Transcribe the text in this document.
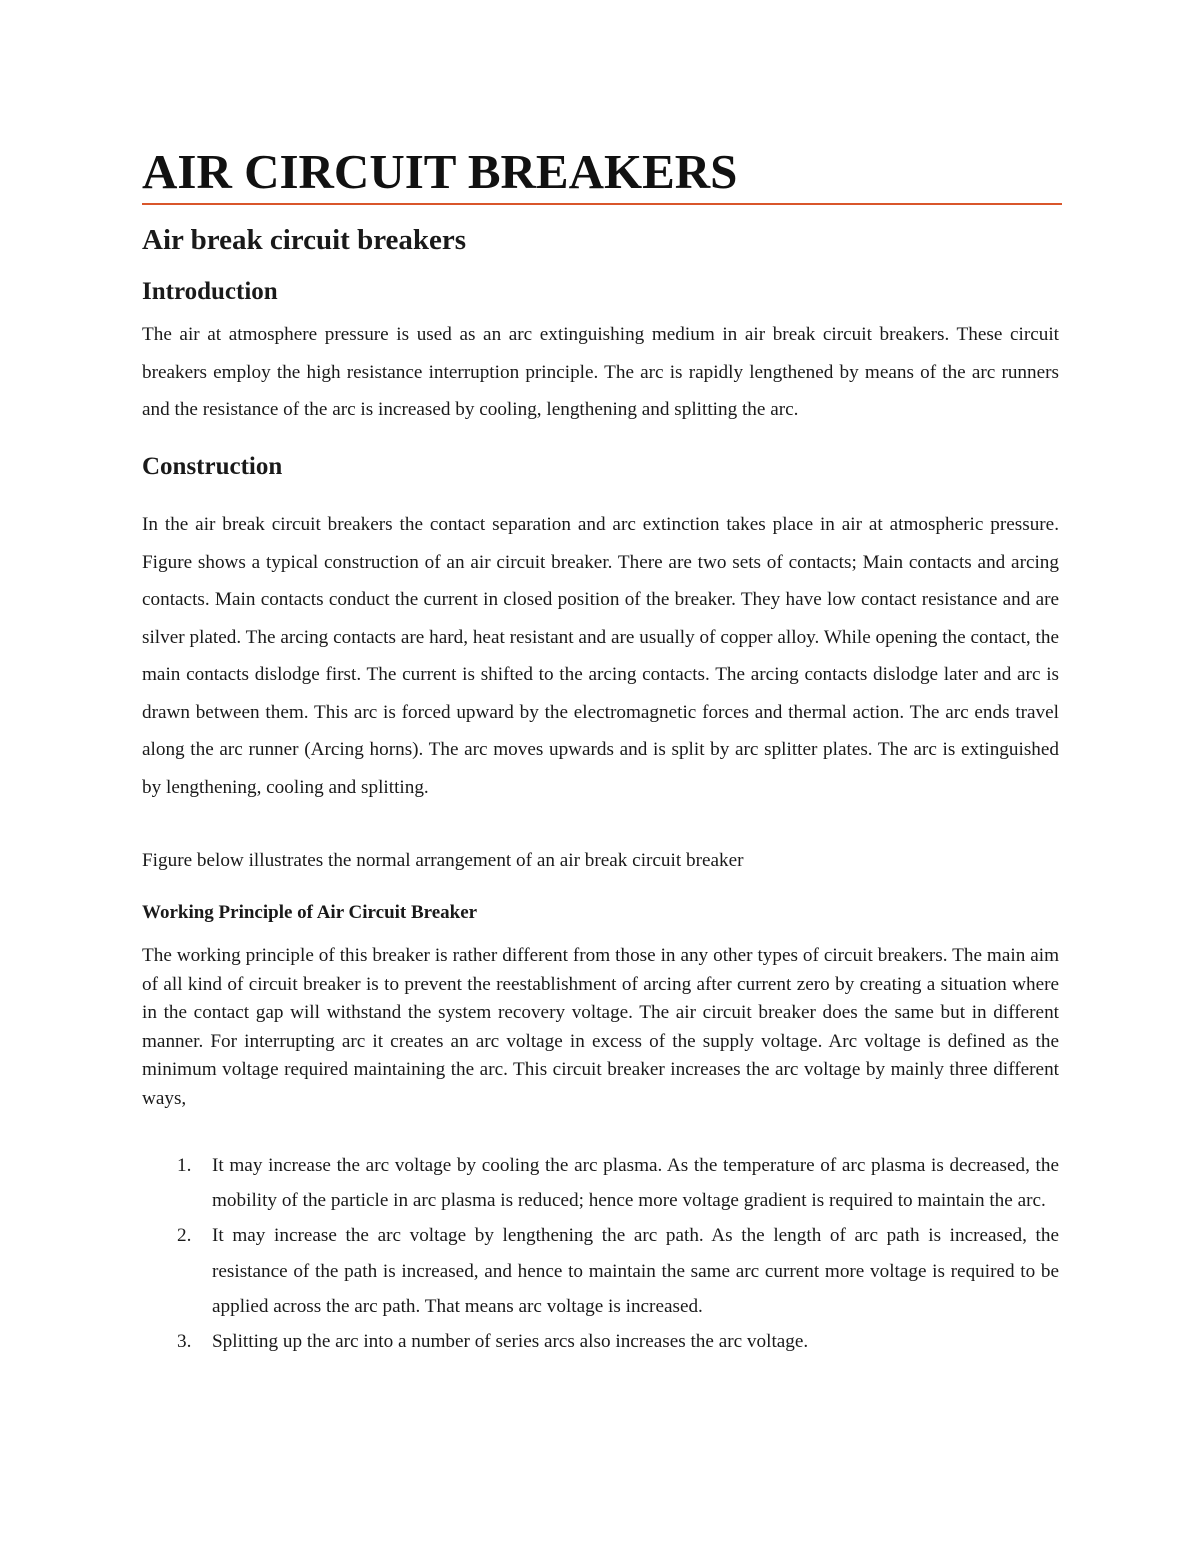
AIR CIRCUIT BREAKERS
Air break circuit breakers
Introduction

The air at atmosphere pressure is used as an arc extinguishing medium in air break circuit breakers. These circuit breakers employ the high resistance interruption principle. The arc is rapidly lengthened by means of the arc runners and the resistance of the arc is increased by cooling, lengthening and splitting the arc.

Construction

In the air break circuit breakers the contact separation and arc extinction takes place in air at atmospheric pressure. Figure shows a typical construction of an air circuit breaker. There are two sets of contacts; Main contacts and arcing contacts. Main contacts conduct the current in closed position of the breaker. They have low contact resistance and are silver plated. The arcing contacts are hard, heat resistant and are usually of copper alloy. While opening the contact, the main contacts dislodge first. The current is shifted to the arcing contacts. The arcing contacts dislodge later and arc is drawn between them. This arc is forced upward by the electromagnetic forces and thermal action. The arc ends travel along the arc runner (Arcing horns). The arc moves upwards and is split by arc splitter plates. The arc is extinguished by lengthening, cooling and splitting.

Figure below illustrates the normal arrangement of an air break circuit breaker

Working Principle of Air Circuit Breaker

The working principle of this breaker is rather different from those in any other types of circuit breakers. The main aim of all kind of circuit breaker is to prevent the reestablishment of arcing after current zero by creating a situation where in the contact gap will withstand the system recovery voltage. The air circuit breaker does the same but in different manner. For interrupting arc it creates an arc voltage in excess of the supply voltage. Arc voltage is defined as the minimum voltage required maintaining the arc. This circuit breaker increases the arc voltage by mainly three different ways,

1. It may increase the arc voltage by cooling the arc plasma. As the temperature of arc plasma is decreased, the mobility of the particle in arc plasma is reduced; hence more voltage gradient is required to maintain the arc.
2. It may increase the arc voltage by lengthening the arc path. As the length of arc path is increased, the resistance of the path is increased, and hence to maintain the same arc current more voltage is required to be applied across the arc path. That means arc voltage is increased.
3. Splitting up the arc into a number of series arcs also increases the arc voltage.
